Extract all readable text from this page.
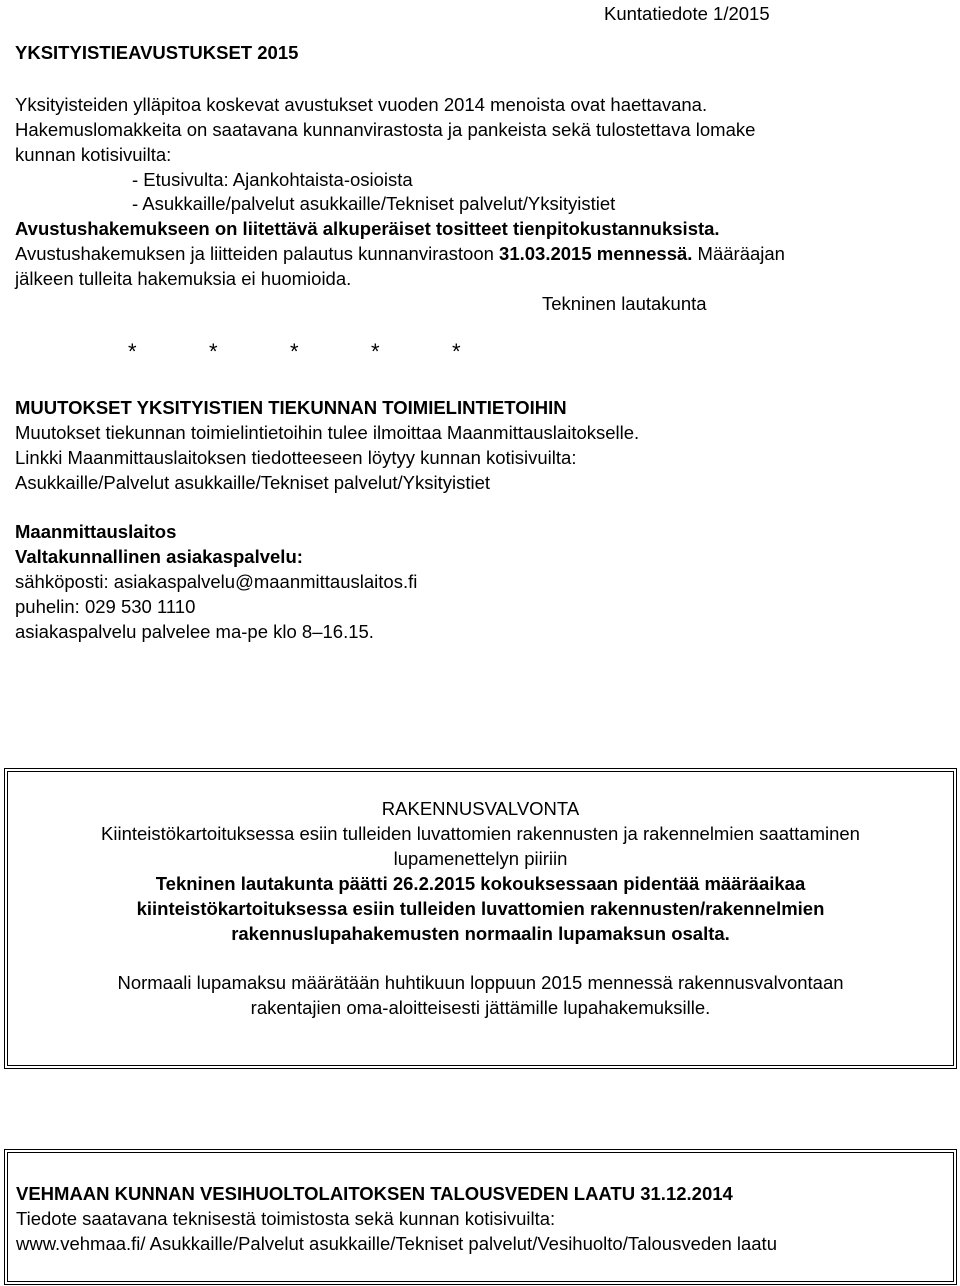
Kuntatiedote 1/2015
YKSITYISTIEAVUSTUKSET 2015
Yksityisteiden ylläpitoa koskevat avustukset vuoden 2014 menoista ovat haettavana.
Hakemuslomakkeita on saatavana kunnanvirastosta ja pankeista sekä tulostettava lomake
kunnan kotisivuilta:
- Etusivulta: Ajankohtaista-osioista
- Asukkaille/palvelut asukkaille/Tekniset palvelut/Yksityistiet
Avustushakemukseen on liitettävä alkuperäiset tositteet tienpitokustannuksista.
Avustushakemuksen ja liitteiden palautus kunnanvirastoon 31.03.2015 mennessä. Määräajan
jälkeen tulleita hakemuksia ei huomioida.
Tekninen lautakunta
*	*	*	*	*
MUUTOKSET YKSITYISTIEN TIEKUNNAN TOIMIELINTIETOIHIN
Muutokset tiekunnan toimielintietoihin tulee ilmoittaa Maanmittauslaitokselle.
Linkki Maanmittauslaitoksen tiedotteeseen löytyy kunnan kotisivuilta:
Asukkaille/Palvelut asukkaille/Tekniset palvelut/Yksityistiet
Maanmittauslaitos
Valtakunnallinen asiakaspalvelu:
sähköposti: asiakaspalvelu@maanmittauslaitos.fi
puhelin: 029 530 1110
asiakaspalvelu palvelee ma-pe klo 8–16.15.
RAKENNUSVALVONTA
Kiinteistökartoituksessa esiin tulleiden luvattomien rakennusten ja rakennelmien saattaminen
lupamenettelyn piiriin
Tekninen lautakunta päätti 26.2.2015 kokouksessaan pidentää määräaikaa
kiinteistökartoituksessa esiin tulleiden luvattomien rakennusten/rakennelmien
rakennuslupahakemusten normaalin lupamaksun osalta.
Normaali lupamaksu määrätään huhtikuun loppuun 2015 mennessä rakennusvalvontaan
rakentajien oma-aloitteisesti jättämille lupahakemuksille.
VEHMAAN KUNNAN VESIHUOLTOLAITOKSEN TALOUSVEDEN LAATU 31.12.2014
Tiedote saatavana teknisestä toimistosta sekä kunnan kotisivuilta:
www.vehmaa.fi/ Asukkaille/Palvelut asukkaille/Tekniset palvelut/Vesihuolto/Talousveden laatu
